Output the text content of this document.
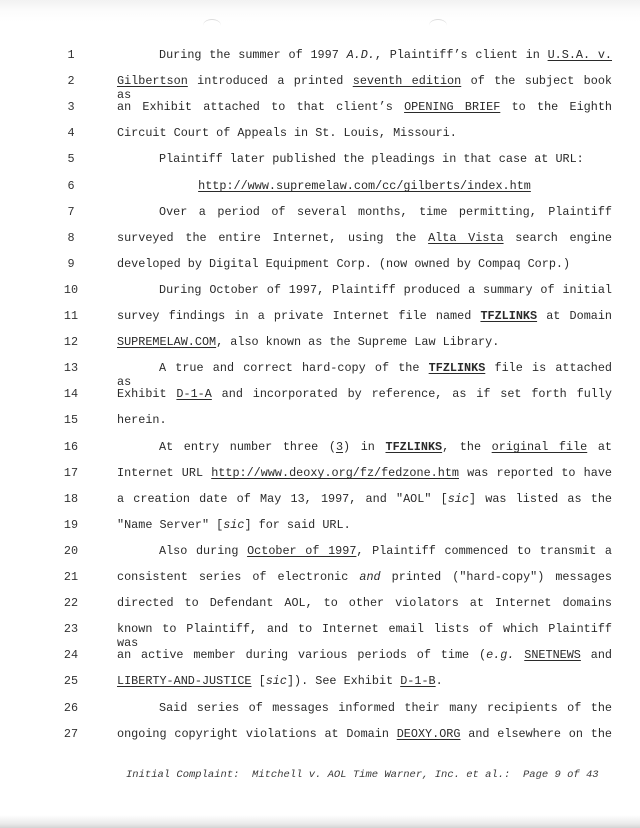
1	During the summer of 1997 A.D., Plaintiff’s client in U.S.A. v.
2	Gilbertson introduced a printed seventh edition of the subject book as
3	an Exhibit attached to that client’s OPENING BRIEF to the Eighth
4	Circuit Court of Appeals in St. Louis, Missouri.
5	Plaintiff later published the pleadings in that case at URL:
6	http://www.supremelaw.com/cc/gilberts/index.htm
7	Over a period of several months, time permitting, Plaintiff
8	surveyed the entire Internet, using the Alta Vista search engine
9	developed by Digital Equipment Corp. (now owned by Compaq Corp.)
10	During October of 1997, Plaintiff produced a summary of initial
11	survey findings in a private Internet file named TFZLINKS at Domain
12	SUPREMELAW.COM, also known as the Supreme Law Library.
13	A true and correct hard-copy of the TFZLINKS file is attached as
14	Exhibit D-1-A and incorporated by reference, as if set forth fully
15	herein.
16	At entry number three (3) in TFZLINKS, the original file at
17	Internet URL http://www.deoxy.org/fz/fedzone.htm was reported to have
18	a creation date of May 13, 1997, and "AOL" [sic] was listed as the
19	"Name Server" [sic] for said URL.
20	Also during October of 1997, Plaintiff commenced to transmit a
21	consistent series of electronic and printed ("hard-copy") messages
22	directed to Defendant AOL, to other violators at Internet domains
23	known to Plaintiff, and to Internet email lists of which Plaintiff was
24	an active member during various periods of time (e.g. SNETNEWS and
25	LIBERTY-AND-JUSTICE [sic]). See Exhibit D-1-B.
26	Said series of messages informed their many recipients of the
27	ongoing copyright violations at Domain DEOXY.ORG and elsewhere on the
Initial Complaint:  Mitchell v. AOL Time Warner, Inc. et al.:  Page 9 of 43
